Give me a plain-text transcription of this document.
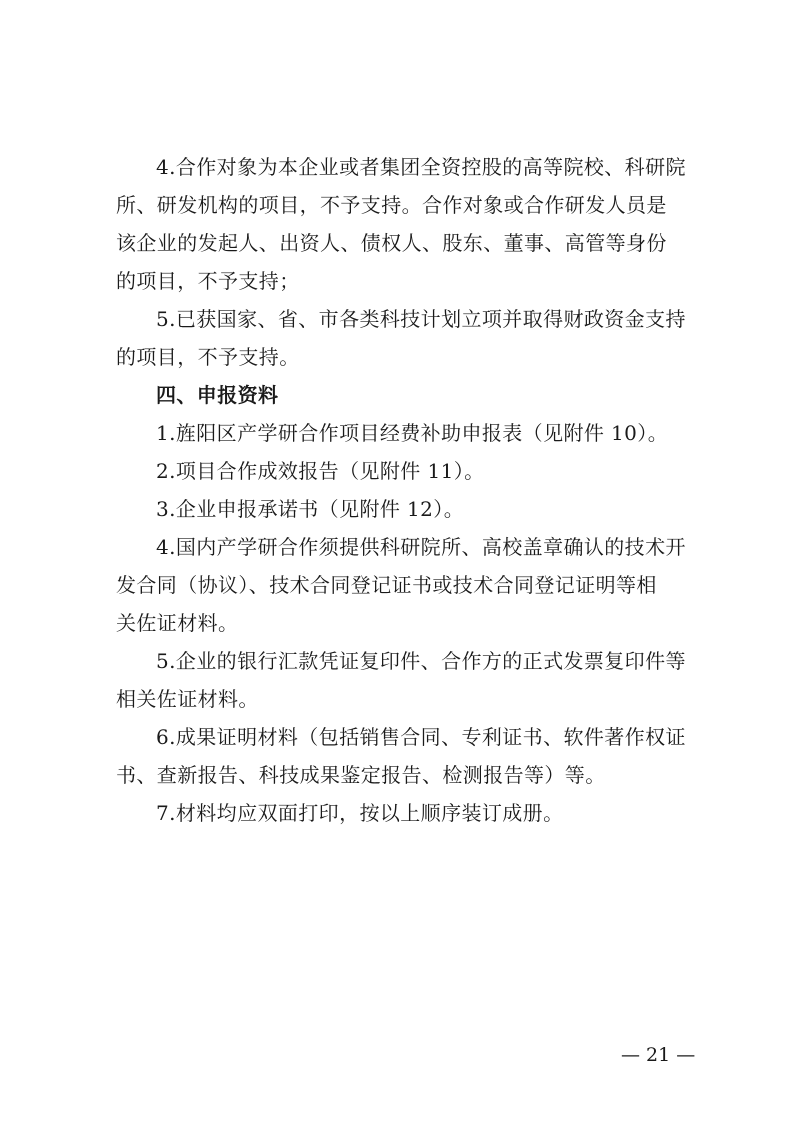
4.合作对象为本企业或者集团全资控股的高等院校、科研院
所、研发机构的项目，不予支持。合作对象或合作研发人员是
该企业的发起人、出资人、债权人、股东、董事、高管等身份
的项目，不予支持；
5.已获国家、省、市各类科技计划立项并取得财政资金支持
的项目，不予支持。
四、申报资料
1.旌阳区产学研合作项目经费补助申报表（见附件 10）。
2.项目合作成效报告（见附件 11）。
3.企业申报承诺书（见附件 12）。
4.国内产学研合作须提供科研院所、高校盖章确认的技术开
发合同（协议）、技术合同登记证书或技术合同登记证明等相
关佐证材料。
5.企业的银行汇款凭证复印件、合作方的正式发票复印件等
相关佐证材料。
6.成果证明材料（包括销售合同、专利证书、软件著作权证
书、查新报告、科技成果鉴定报告、检测报告等）等。
7.材料均应双面打印，按以上顺序装订成册。
— 21 —
